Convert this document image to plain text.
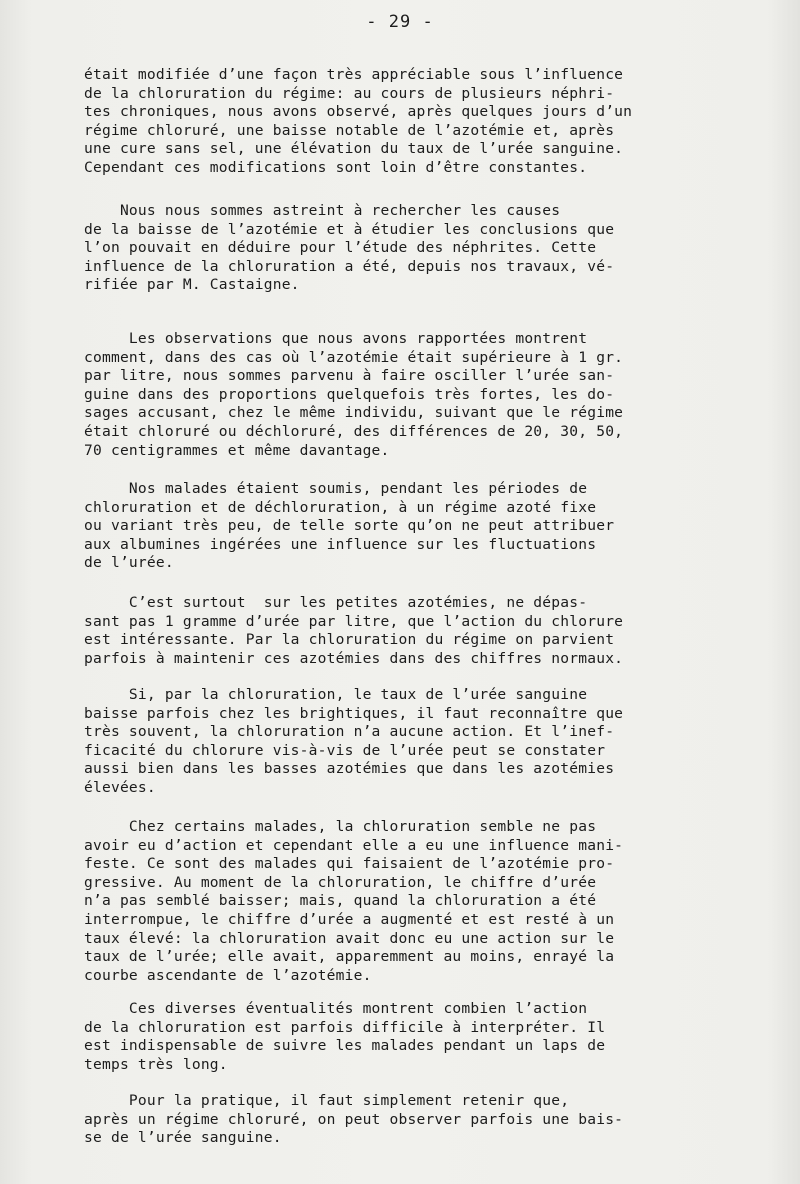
- 29 -
était modifiée d’une façon très appréciable sous l’influence
de la chloruration du régime: au cours de plusieurs néphri-
tes chroniques, nous avons observé, après quelques jours d’un
régime chloruré, une baisse notable de l’azotémie et, après
une cure sans sel, une élévation du taux de l’urée sanguine.
Cependant ces modifications sont loin d’être constantes.
Nous nous sommes astreint à rechercher les causes
de la baisse de l’azotémie et à étudier les conclusions que
l’on pouvait en déduire pour l’étude des néphrites. Cette
influence de la chloruration a été, depuis nos travaux, vé-
rifiée par M. Castaigne.
Les observations que nous avons rapportées montrent
comment, dans des cas où l’azotémie était supérieure à 1 gr.
par litre, nous sommes parvenu à faire osciller l’urée san-
guine dans des proportions quelquefois très fortes, les do-
sages accusant, chez le même individu, suivant que le régime
était chloruré ou déchloruré, des différences de 20, 30, 50,
70 centigrammes et même davantage.
Nos malades étaient soumis, pendant les périodes de
chloruration et de déchloruration, à un régime azoté fixe
ou variant très peu, de telle sorte qu’on ne peut attribuer
aux albumines ingérées une influence sur les fluctuations
de l’urée.
C’est surtout  sur les petites azotémies, ne dépas-
sant pas 1 gramme d’urée par litre, que l’action du chlorure
est intéressante. Par la chloruration du régime on parvient
parfois à maintenir ces azotémies dans des chiffres normaux.
Si, par la chloruration, le taux de l’urée sanguine
baisse parfois chez les brightiques, il faut reconnaître que
très souvent, la chloruration n’a aucune action. Et l’inef-
ficacité du chlorure vis-à-vis de l’urée peut se constater
aussi bien dans les basses azotémies que dans les azotémies
élevées.
Chez certains malades, la chloruration semble ne pas
avoir eu d’action et cependant elle a eu une influence mani-
feste. Ce sont des malades qui faisaient de l’azotémie pro-
gressive. Au moment de la chloruration, le chiffre d’urée
n’a pas semblé baisser; mais, quand la chloruration a été
interrompue, le chiffre d’urée a augmenté et est resté à un
taux élevé: la chloruration avait donc eu une action sur le
taux de l’urée; elle avait, apparemment au moins, enrayé la
courbe ascendante de l’azotémie.
Ces diverses éventualités montrent combien l’action
de la chloruration est parfois difficile à interpréter. Il
est indispensable de suivre les malades pendant un laps de
temps très long.
Pour la pratique, il faut simplement retenir que,
après un régime chloruré, on peut observer parfois une bais-
se de l’urée sanguine.
